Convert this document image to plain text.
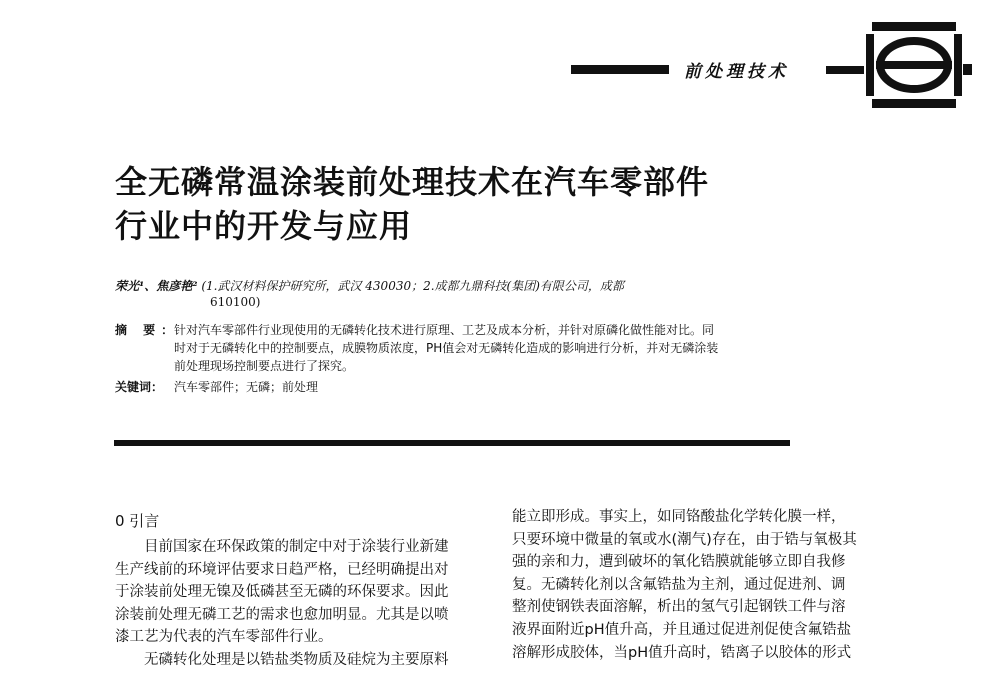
前处理技术
全无磷常温涂装前处理技术在汽车零部件
行业中的开发与应用
荣光¹、焦彦艳² (1.武汉材料保护研究所，武汉 430030；2.成都九鼎科技(集团)有限公司，成都
610100)
摘 要：
针对汽车零部件行业现使用的无磷转化技术进行原理、工艺及成本分析，并针对原磷化做性能对比。同
时对于无磷转化中的控制要点，成膜物质浓度，PH值会对无磷转化造成的影响进行分析，并对无磷涂装
前处理现场控制要点进行了探究。
关键词： 汽车零部件；无磷；前处理
0 引言
　　目前国家在环保政策的制定中对于涂装行业新建
生产线前的环境评估要求日趋严格，已经明确提出对
于涂装前处理无镍及低磷甚至无磷的环保要求。因此
涂装前处理无磷工艺的需求也愈加明显。尤其是以喷
漆工艺为代表的汽车零部件行业。
　　无磷转化处理是以锆盐类物质及硅烷为主要原料
能立即形成。事实上，如同铬酸盐化学转化膜一样，
只要环境中微量的氧或水(潮气)存在，由于锆与氧极其
强的亲和力，遭到破坏的氧化锆膜就能够立即自我修
复。无磷转化剂以含氟锆盐为主剂，通过促进剂、调
整剂使钢铁表面溶解，析出的氢气引起钢铁工件与溶
液界面附近pH值升高，并且通过促进剂促使含氟锆盐
溶解形成胶体，当pH值升高时，锆离子以胶体的形式
